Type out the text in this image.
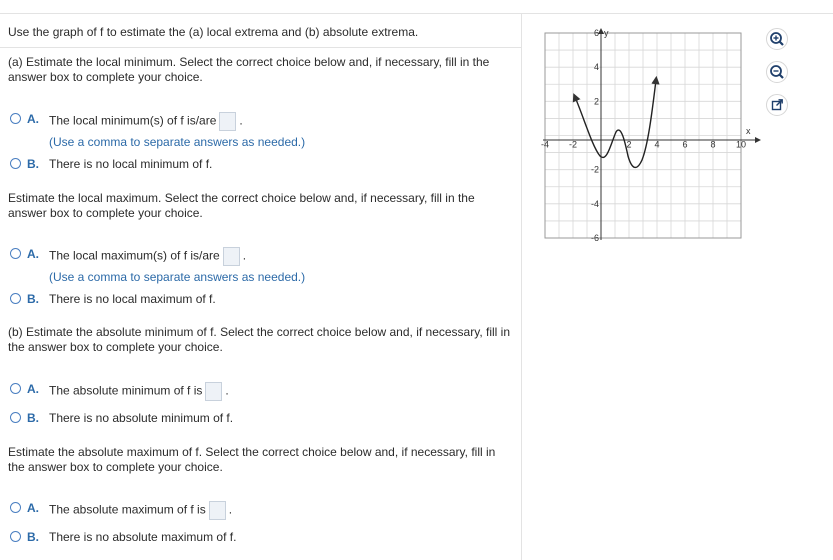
Use the graph of f to estimate the (a) local extrema and (b) absolute extrema.
(a) Estimate the local minimum. Select the correct choice below and, if necessary, fill in the answer box to complete your choice.
A. The local minimum(s) of f is/are .
(Use a comma to separate answers as needed.)
B. There is no local minimum of f.
Estimate the local maximum. Select the correct choice below and, if necessary, fill in the answer box to complete your choice.
A. The local maximum(s) of f is/are .
(Use a comma to separate answers as needed.)
B. There is no local maximum of f.
(b) Estimate the absolute minimum of f. Select the correct choice below and, if necessary, fill in the answer box to complete your choice.
A. The absolute minimum of f is .
B. There is no absolute minimum of f.
Estimate the absolute maximum of f. Select the correct choice below and, if necessary, fill in the answer box to complete your choice.
A. The absolute maximum of f is .
B. There is no absolute maximum of f.
y
x
-4 -2	2	4	6	8 10
6
4
2
-2
-4
-6
